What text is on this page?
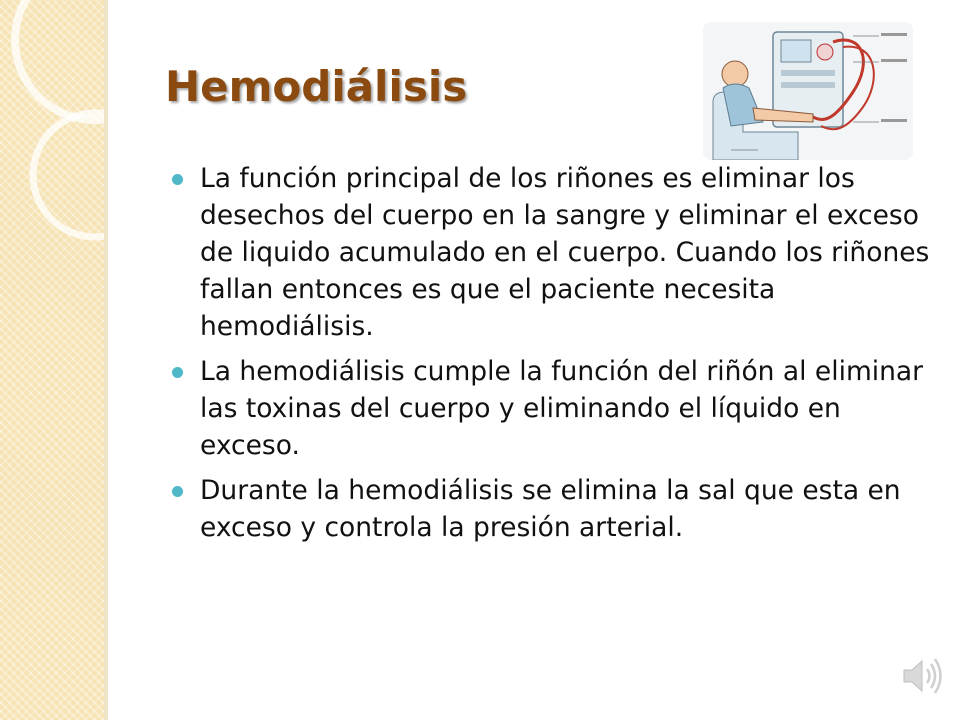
Hemodiálisis
La función principal de los riñones es eliminar los desechos del cuerpo en la sangre y eliminar el exceso de liquido acumulado en el cuerpo. Cuando los riñones fallan entonces es que el paciente necesita hemodiálisis.
La hemodiálisis cumple la función del riñón al eliminar las toxinas del cuerpo y eliminando el líquido en exceso.
Durante la hemodiálisis se elimina la sal que esta en exceso y controla la presión arterial.
